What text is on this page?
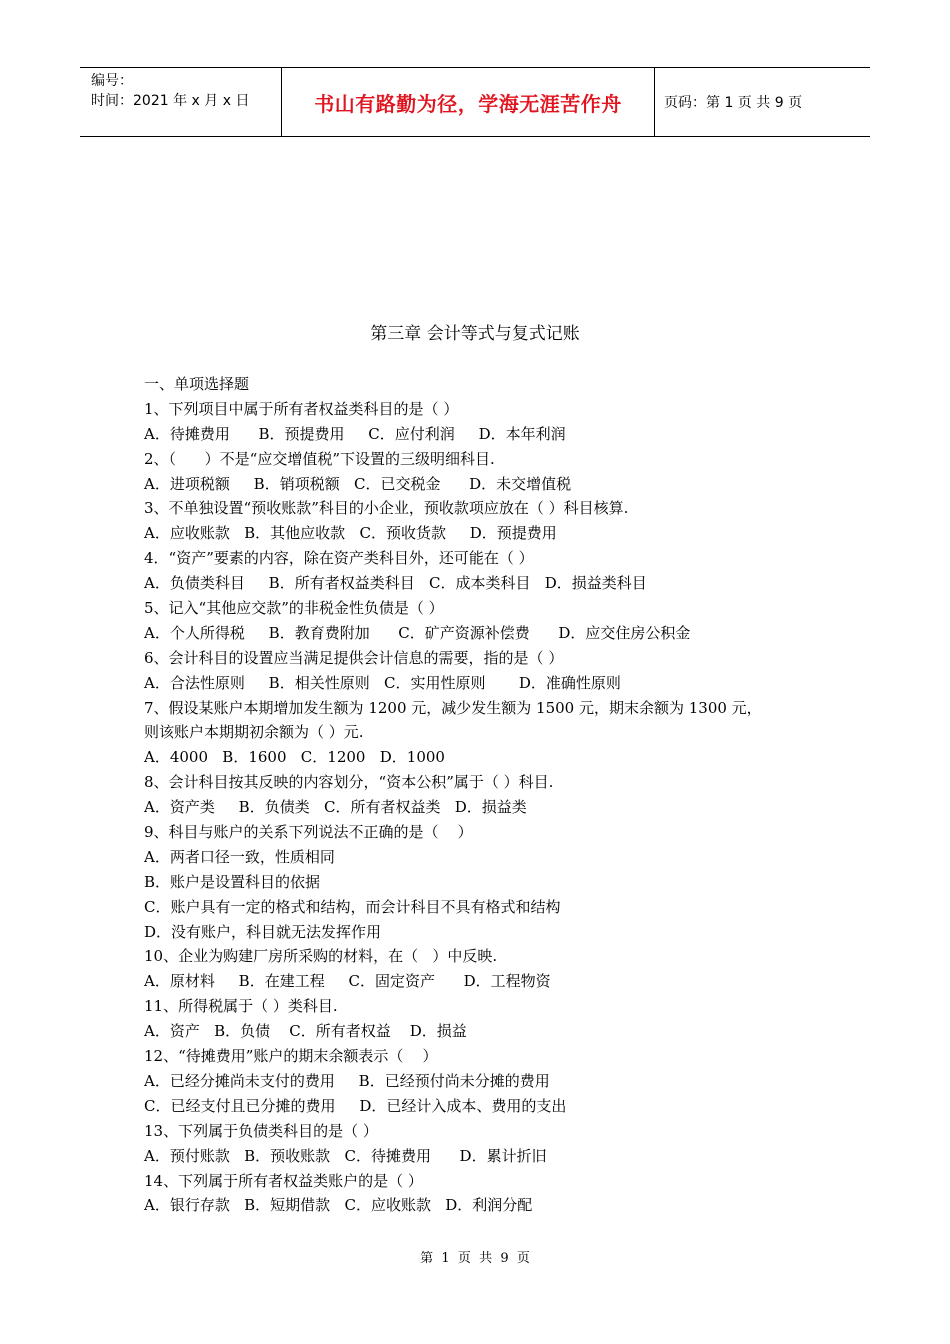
编号：
时间：2021 年 x 月 x 日	书山有路勤为径，学海无涯苦作舟	页码：第 1 页 共 9 页
第三章 会计等式与复式记账
一、单项选择题
1、下列项目中属于所有者权益类科目的是（ ）
A．待摊费用      B．预提费用     C．应付利润     D．本年利润
2、（      ）不是“应交增值税”下设置的三级明细科目.
A．进项税额     B．销项税额   C．已交税金      D．未交增值税
3、不单独设置“预收账款”科目的小企业，预收款项应放在（ ）科目核算.
A．应收账款   B．其他应收款   C．预收货款     D．预提费用
4．“资产”要素的内容，除在资产类科目外，还可能在（ ）
A．负债类科目     B．所有者权益类科目   C．成本类科目   D．损益类科目
5、记入“其他应交款”的非税金性负债是（ ）
A．个人所得税     B．教育费附加      C．矿产资源补偿费      D．应交住房公积金
6、会计科目的设置应当满足提供会计信息的需要，指的是（ ）
A．合法性原则     B．相关性原则   C．实用性原则       D．准确性原则
7、假设某账户本期增加发生额为 1200 元，减少发生额为 1500 元，期末余额为 1300 元，
则该账户本期期初余额为（ ）元.
A．4000   B．1600   C．1200   D．1000
8、会计科目按其反映的内容划分，“资本公积”属于（ ）科目.
A．资产类     B．负债类   C．所有者权益类   D．损益类
9、科目与账户的关系下列说法不正确的是（    ）
A．两者口径一致，性质相同
B．账户是设置科目的依据
C．账户具有一定的格式和结构，而会计科目不具有格式和结构
D．没有账户，科目就无法发挥作用
10、企业为购建厂房所采购的材料，在（   ）中反映.
A．原材料     B．在建工程     C．固定资产      D．工程物资
11、所得税属于（ ）类科目.
A．资产   B．负债    C．所有者权益    D．损益
12、“待摊费用”账户的期末余额表示（    ）
A．已经分摊尚未支付的费用     B．已经预付尚未分摊的费用
C．已经支付且已分摊的费用     D．已经计入成本、费用的支出
13、下列属于负债类科目的是（ ）
A．预付账款   B．预收账款   C．待摊费用      D．累计折旧
14、下列属于所有者权益类账户的是（ ）
A．银行存款   B．短期借款   C．应收账款   D．利润分配
第  1  页  共  9  页
